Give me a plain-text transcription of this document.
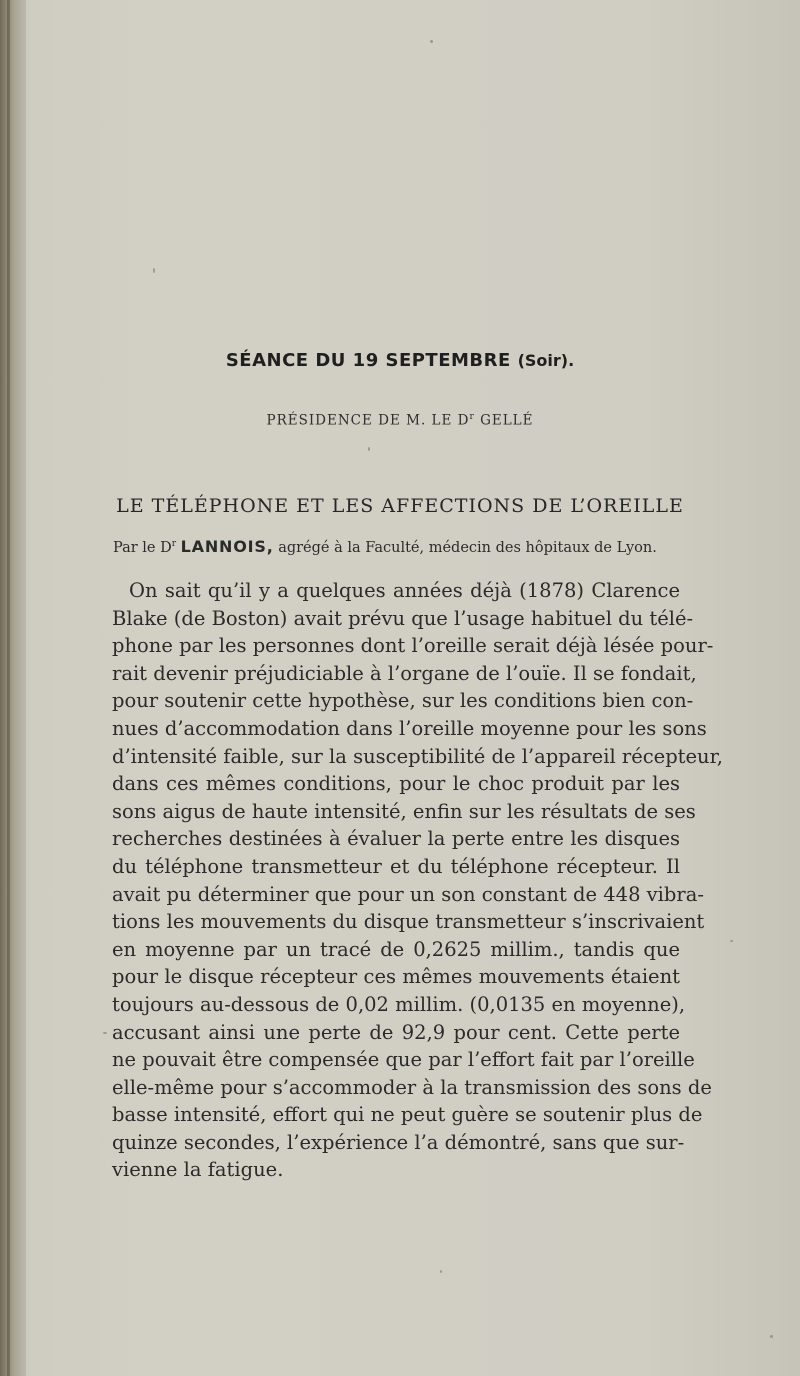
SÉANCE DU 19 SEPTEMBRE (Soir).
PRÉSIDENCE DE M. LE $D^r$ GELLÉ
LE TÉLÉPHONE ET LES AFFECTIONS DE L’OREILLE
Par le $D^r$ LANNOIS, agrégé à la Faculté, médecin des hôpitaux de Lyon.
On sait qu’il y a quelques années déjà (1878) Clarence
Blake (de Boston) avait prévu que l’usage habituel du télé-
phone par les personnes dont l’oreille serait déjà lésée pour-
rait devenir préjudiciable à l’organe de l’ouïe. Il se fondait,
pour soutenir cette hypothèse, sur les conditions bien con-
nues d’accommodation dans l’oreille moyenne pour les sons
d’intensité faible, sur la susceptibilité de l’appareil récepteur,
dans ces mêmes conditions, pour le choc produit par les
sons aigus de haute intensité, enfin sur les résultats de ses
recherches destinées à évaluer la perte entre les disques
du téléphone transmetteur et du téléphone récepteur. Il
avait pu déterminer que pour un son constant de 448 vibra-
tions les mouvements du disque transmetteur s’inscrivaient
en moyenne par un tracé de 0,2625 millim., tandis que
pour le disque récepteur ces mêmes mouvements étaient
toujours au-dessous de 0,02 millim. (0,0135 en moyenne),
accusant ainsi une perte de 92,9 pour cent. Cette perte
ne pouvait être compensée que par l’effort fait par l’oreille
elle-même pour s’accommoder à la transmission des sons de
basse intensité, effort qui ne peut guère se soutenir plus de
quinze secondes, l’expérience l’a démontré, sans que sur-
vienne la fatigue.
